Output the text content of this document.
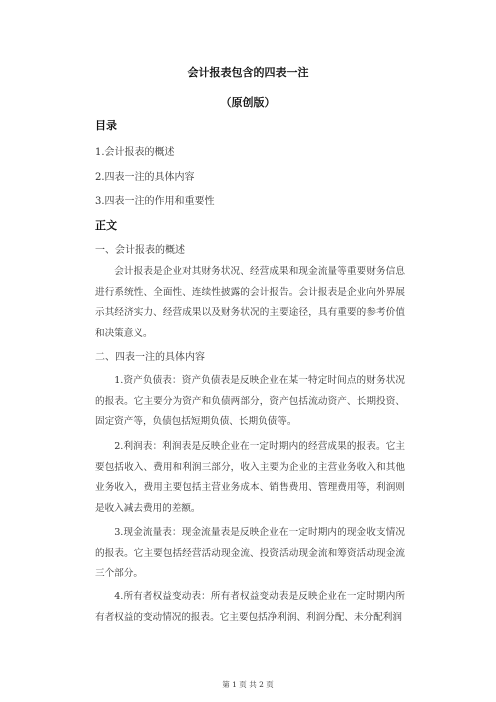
会计报表包含的四表一注
（原创版）
目录
1.会计报表的概述
2.四表一注的具体内容
3.四表一注的作用和重要性
正文
一、会计报表的概述

会计报表是企业对其财务状况、经营成果和现金流量等重要财务信息进行系统性、全面性、连续性披露的会计报告。会计报表是企业向外界展示其经济实力、经营成果以及财务状况的主要途径，具有重要的参考价值和决策意义。

二、四表一注的具体内容

1.资产负债表：资产负债表是反映企业在某一特定时间点的财务状况的报表。它主要分为资产和负债两部分，资产包括流动资产、长期投资、固定资产等，负债包括短期负债、长期负债等。

2.利润表：利润表是反映企业在一定时期内的经营成果的报表。它主要包括收入、费用和利润三部分，收入主要为企业的主营业务收入和其他业务收入，费用主要包括主营业务成本、销售费用、管理费用等，利润则是收入减去费用的差额。

3.现金流量表：现金流量表是反映企业在一定时期内的现金收支情况的报表。它主要包括经营活动现金流、投资活动现金流和筹资活动现金流三个部分。

4.所有者权益变动表：所有者权益变动表是反映企业在一定时期内所有者权益的变动情况的报表。它主要包括净利润、利润分配、未分配利润

第 1 页 共 2 页
